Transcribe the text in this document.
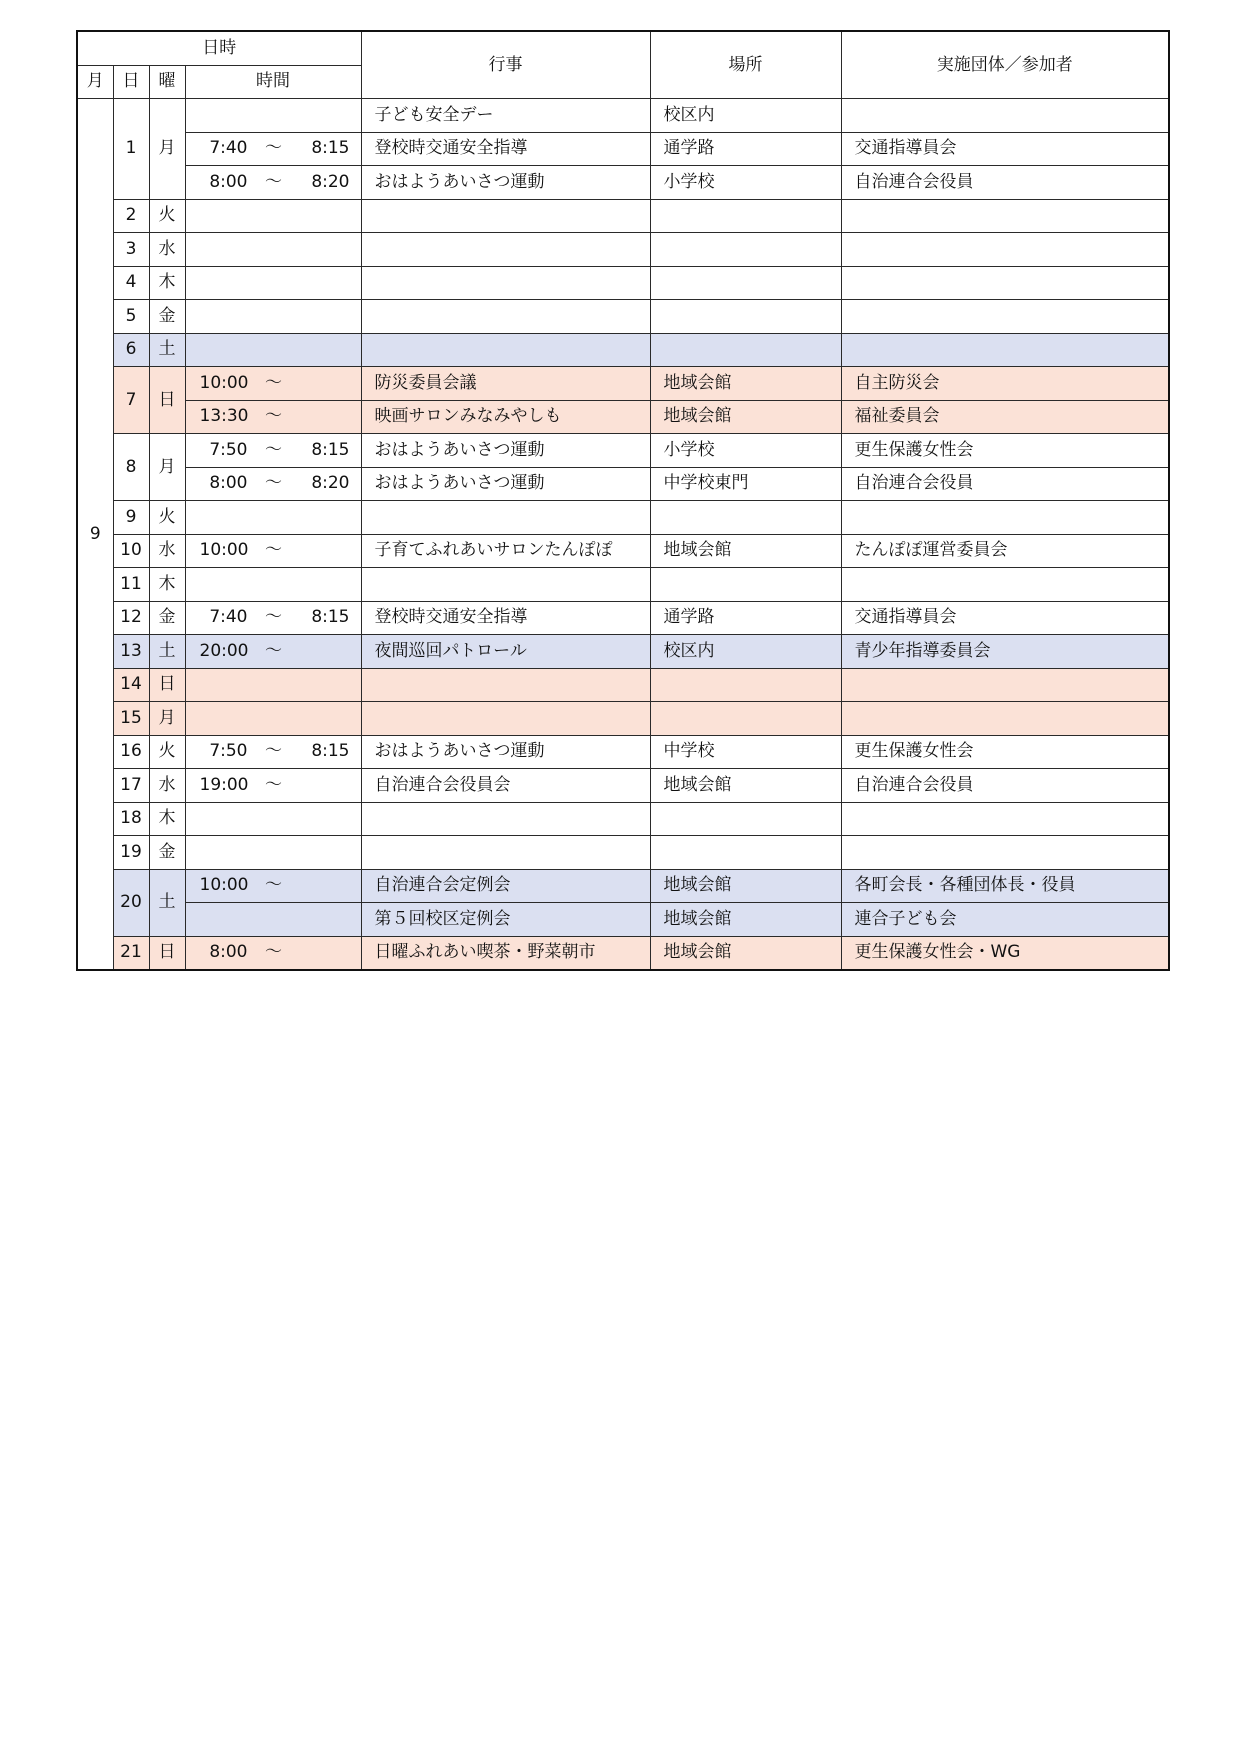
日時				行事	場所	実施団体／参加者
月	日	曜	時間			
9	1	月		子ども安全デー	校区内	
			7:40 ～ 8:15	登校時交通安全指導	通学路	交通指導員会
			8:00 ～ 8:20	おはようあいさつ運動	小学校	自治連合会役員
	2	火				
	3	水				
	4	木				
	5	金				
	6	土				
	7	日	10:00 ～	防災委員会議	地域会館	自主防災会
			13:30 ～	映画サロンみなみやしも	地域会館	福祉委員会
	8	月	7:50 ～ 8:15	おはようあいさつ運動	小学校	更生保護女性会
			8:00 ～ 8:20	おはようあいさつ運動	中学校東門	自治連合会役員
	9	火				
	10	水	10:00 ～	子育てふれあいサロンたんぽぽ	地域会館	たんぽぽ運営委員会
	11	木				
	12	金	7:40 ～ 8:15	登校時交通安全指導	通学路	交通指導員会
	13	土	20:00 ～	夜間巡回パトロール	校区内	青少年指導委員会
	14	日				
	15	月				
	16	火	7:50 ～ 8:15	おはようあいさつ運動	中学校	更生保護女性会
	17	水	19:00 ～	自治連合会役員会	地域会館	自治連合会役員
	18	木				
	19	金				
	20	土	10:00 ～	自治連合会定例会	地域会館	各町会長・各種団体長・役員
				第５回校区定例会	地域会館	連合子ども会
	21	日	8:00 ～	日曜ふれあい喫茶・野菜朝市	地域会館	更生保護女性会・WG
